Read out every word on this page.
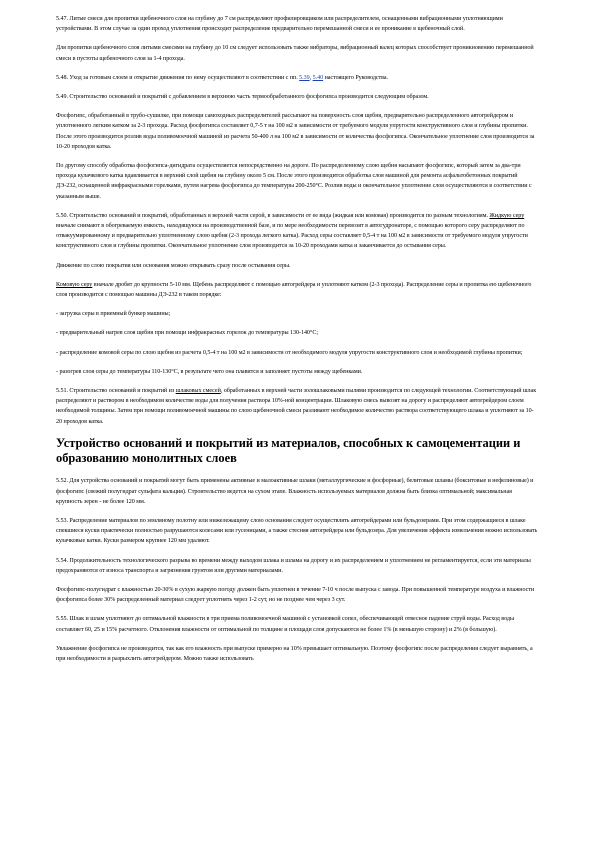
5.47. Литые смеси для пропитки щебеночного слоя на глубину до 7 см распределяют профилировщиком или распределителем, оснащенными вибрационными уплотняющими устройствами. В этом случае за один проход уплотнения происходит распределение предварительно перемешанной смеси и ее проникание в щебеночный слой.

Для пропитки щебеночного слоя литыми смесями на глубину до 10 см следует использовать также вибраторы, вибрационный валец которых способствует проникновению перемешанной смеси в пустоты щебеночного слоя за 1-4 прохода.

5.48. Уход за готовым слоем и открытие движения по нему осуществляют в соответствии с пп. 5.39, 5.40 настоящего Руководства.

5.49. Строительство оснований и покрытий с добавлением в верхнюю часть термообработанного фосфогипса производится следующим образом.

Фосфогипс, обработанный в трубо-сушилке, при помощи самоходных распределителей рассыпают на поверхность слоя щебня, предварительно распределенного автогрейдером и уплотненного легким катком за 2-3 прохода. Расход фосфогипса составляет 0,7-5 т на 100 м2 в зависимости от требуемого модуля упругости конструктивного слоя и глубины пропитки. После этого производится розлив воды поливомоечной машиной из расчета 50-400 л на 100 м2 в зависимости от количества фосфогипса. Окончательное уплотнение слоя производится за 10-20 проходов катка.

По другому способу обработка фосфогипса-дигидрата осуществляется непосредственно на дороге. По распределенному слою щебня насыпают фосфогипс, который затем за два-три прохода кулачкового катка вдавливается в верхний слой щебня на глубину около 5 см. После этого производится обработка слоя машиной для ремонта асфальтобетонных покрытий ДЭ-232, оснащенной инфракрасными горелками, путем нагрева фосфогипса до температуры 200-250°С. Розлив воды и окончательное уплотнение слоя осуществляются в соответствии с указанным выше.

5.50. Строительство оснований и покрытий, обработанных в верхней части серой, в зависимости от ее вида (жидкая или комовая) производится по разным технологиям. Жидкую серу вначале снимают в обогреваемую емкость, находящуюся на производственной базе, и по мере необходимости перевозят в автогудронаторе, с помощью которого серу распределяют по отвакуумированному и предварительно уплотненному слою щебня (2-3 прохода легкого катка). Расход серы составляет 0,5-4 т на 100 м2 в зависимости от требуемого модуля упругости конструктивного слоя и глубины пропитки. Окончательное уплотнение слоя производится за 10-20 проходами катка и заканчивается до остывания серы.

Движение по слою покрытия или основания можно открывать сразу после остывания серы.

Комовую серу вначале дробят до крупности 5-10 мм. Щебень распределяют с помощью автогрейдера и уплотняют катком (2-3 прохода). Распределение серы и пропитка ею щебеночного слоя производится с помощью машины ДЭ-232 в таком порядке:

- загрузка серы в приемный бункер машины;

- предварительный нагрев слоя щебня при помощи инфракрасных горелок до температуры 130-140°С;

- распределение комовой серы по слою щебня из расчета 0,5-4 т на 100 м2 в зависимости от необходимого модуля упругости конструктивного слоя и необходимой глубины пропитки;

- разогрев слоя серы до температуры 110-130°С, в результате чего она плавится и заполняет пустоты между щебенками.

5.51. Строительство оснований и покрытий из шлаковых смесей, обработанных в верхней части золошлаковыми пылями производится по следующей технологии. Соответствующий шлак распределяют и раствором в необходимом количестве воды для получения раствора 10%-ной концентрации. Шлаковую смесь вывозят на дорогу и распределяют автогрейдером слоем необходимой толщины. Затем при помощи поливомоечной машины по слою щебеночной смеси разливают необходимое количество раствора соответствующего шлака и уплотняют за 10-20 проходов катка.

Устройство оснований и покрытий из материалов, способных к самоцементации и образованию монолитных слоев

5.52. Для устройства оснований и покрытий могут быть применены активные и малоактивные шлаки (металлургические и фосфорные), белитовые шламы (бокситовые и нефелиновые) и фосфогипс (свежий полугидрат сульфата кальция). Строительство ведется на сухом этапе. Влажность используемых материалов должна быть близка оптимальной; максимальная крупность зерен - не более 120 мм.

5.53. Распределение материалов по земляному полотну или нижележащему слою основания следует осуществлять автогрейдерами или бульдозерами. При этом содержащиеся в шлаке спекшиеся куски практически полностью разрушаются колесами или гусеницами, а также стесняя автогрейдера или бульдозера. Для увеличения эффекта измельчения можно использовать кулачковые катки. Куски размером крупнее 120 мм удаляют.

5.54. Продолжительность технологического разрыва во времени между выходом шлака и шлама на дорогу и их распределением и уплотнением не регламентируется, если эти материалы предохраняются от износа транспорта и загрязнения грунтом или другими материалами.

Фосфогипс-полугидрат с влажностью 20-30% в сухую жаркую погоду должен быть уплотнен в течение 7-10 ч после выпуска с завода. При повышенной температуре воздуха и влажности фосфогипса более 30% распределенный материал следует уплотнять через 1-2 сут, но не позднее чем через 3 сут.

5.55. Шлак и шлам уплотняют до оптимальной влажности в три приема поливомоечной машиной с установкой сопел, обеспечивающей отвесное падение струй воды. Расход воды составляет 60, 25 и 15% расчетного. Отклонения влажности от оптимальной по толщине и площади слоя допускаются не более 1% (в меньшую сторону) и 2% (в большую).

Увлажнение фосфогипса не производится, так как его влажность при выпуске примерно на 10% превышает оптимальную. Поэтому фосфогипс после распределения следует выравнять, а при необходимости и разрыхлить автогрейдером. Можно также использовать
